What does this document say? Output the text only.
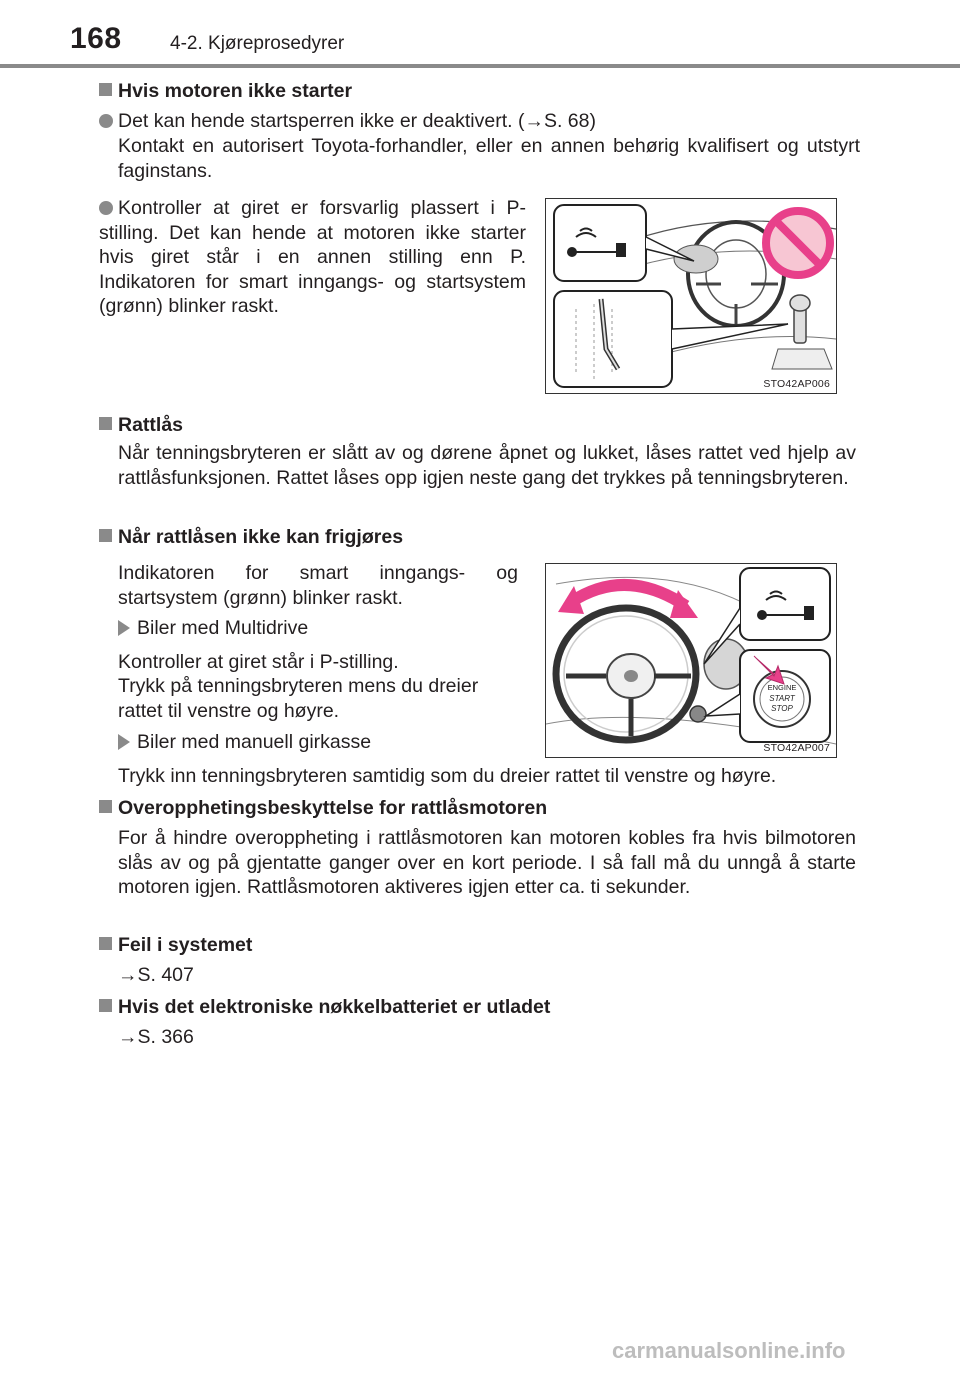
168	4-2. Kjøreprosedyrer
Hvis motoren ikke starter
Det kan hende startsperren ikke er deaktivert. (→S. 68)
Kontakt en autorisert Toyota-forhandler, eller en annen behørig kvalifisert og utstyrt faginstans.
Kontroller at giret er forsvarlig plassert i P-stilling. Det kan hende at motoren ikke starter hvis giret står i en annen stilling enn P. Indikatoren for smart inngangs- og startsystem (grønn) blinker raskt.
STO42AP006
Rattlås
Når tenningsbryteren er slått av og dørene åpnet og lukket, låses rattet ved hjelp av rattlåsfunksjonen. Rattet låses opp igjen neste gang det trykkes på tenningsbryteren.
Når rattlåsen ikke kan frigjøres
Indikatoren for smart inngangs- og startsystem (grønn) blinker raskt.
Biler med Multidrive
Kontroller at giret står i P-stilling.
Trykk på tenningsbryteren mens du dreier rattet til venstre og høyre.
Biler med manuell girkasse
ENGINE
START
STOP
STO42AP007
Trykk inn tenningsbryteren samtidig som du dreier rattet til venstre og høyre.
Overopphetingsbeskyttelse for rattlåsmotoren
For å hindre overoppheting i rattlåsmotoren kan motoren kobles fra hvis bilmotoren slås av og på gjentatte ganger over en kort periode. I så fall må du unngå å starte motoren igjen. Rattlåsmotoren aktiveres igjen etter ca. ti sekunder.
Feil i systemet
→S. 407
Hvis det elektroniske nøkkelbatteriet er utladet
→S. 366
carmanualsonline.info
